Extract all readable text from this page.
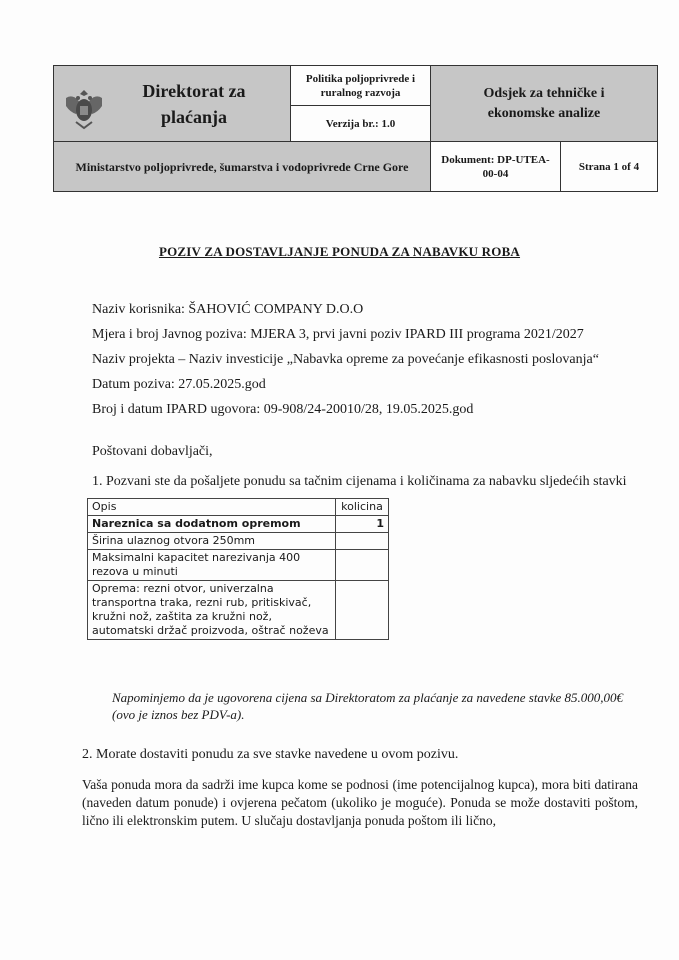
Direktorat za plaćanja	Politika poljoprivrede i ruralnog razvoja	Odsjek za tehničke i ekonomske analize	
	Verzija br.: 1.0		
Ministarstvo poljoprivrede, šumarstva i vodoprivrede Crne Gore		Dokument: DP-UTEA-00-04	Strana 1 of 4
POZIV ZA DOSTAVLJANJE PONUDA ZA NABAVKU ROBA
Naziv korisnika: ŠAHOVIĆ COMPANY D.O.O
Mjera i broj Javnog poziva: MJERA 3, prvi javni poziv IPARD III programa 2021/2027
Naziv projekta – Naziv investicije „Nabavka opreme za povećanje efikasnosti poslovanja“
Datum poziva: 27.05.2025.god
Broj i datum IPARD ugovora: 09-908/24-20010/28, 19.05.2025.god
Poštovani dobavljači,
1. Pozvani ste da pošaljete ponudu sa tačnim cijenama i količinama za nabavku sljedećih stavki
Opis	kolicina
Nareznica sa dodatnom opremom	1
Širina ulaznog otvora 250mm	
Maksimalni kapacitet narezivanja 400 rezova u minuti	
Oprema: rezni otvor, univerzalna transportna traka, rezni rub, pritiskivač, kružni nož, zaštita za kružni nož, automatski držač proizvoda, oštrač noževa	
Napominjemo da je ugovorena cijena sa Direktoratom za plaćanje za navedene stavke 85.000,00€ (ovo je iznos bez PDV-a).
2. Morate dostaviti ponudu za sve stavke navedene u ovom pozivu.
Vaša ponuda mora da sadrži ime kupca kome se podnosi (ime potencijalnog kupca), mora biti datirana (naveden datum ponude) i ovjerena pečatom (ukoliko je moguće). Ponuda se može dostaviti poštom, lično ili elektronskim putem. U slučaju dostavljanja ponuda poštom ili lično,
